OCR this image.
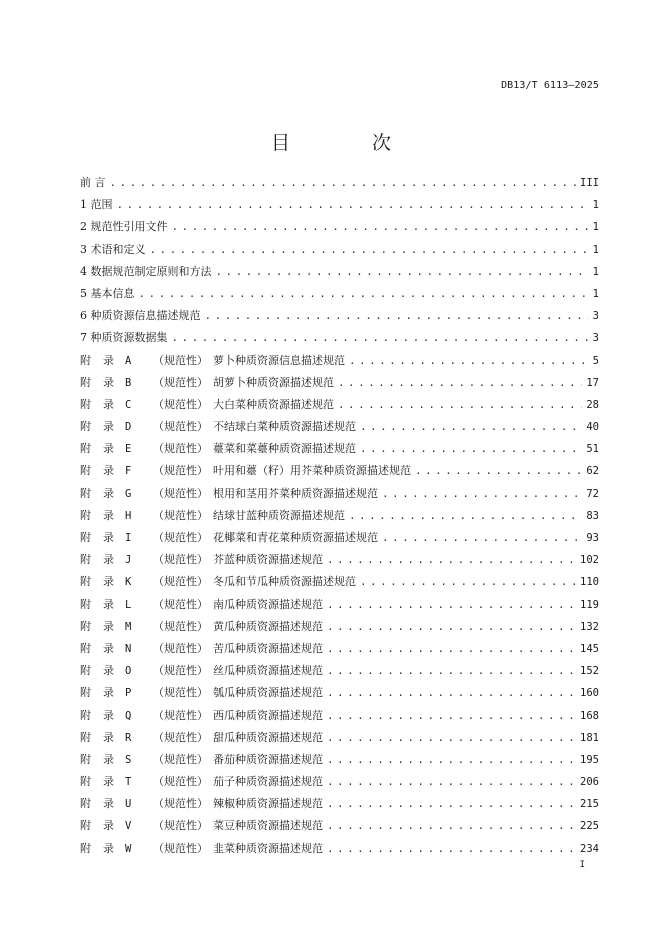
DB13/T 6113—2025
目 次
前 言 . . .	III
1 范围 . . .	1
2 规范性引用文件 . . .	1
3 术语和定义 . . .	1
4 数据规范制定原则和方法 . . .	1
5 基本信息 . . .	1
6 种质资源信息描述规范 . . .	3
7 种质资源数据集 . . .	3
附	录	A	（规范性） 萝卜种质资源信息描述规范 . . .	5
附	录	B	（规范性） 胡萝卜种质资源描述规范 . . .	17
附	录	C	（规范性） 大白菜种质资源描述规范 . . .	28
附	录	D	（规范性） 不结球白菜种质资源描述规范 . . .	40
附	录	E	（规范性） 薹菜和菜薹种质资源描述规范 . . .	51
附	录	F	（规范性） 叶用和薹（籽）用芥菜种质资源描述规范 . . .	62
附	录	G	（规范性） 根用和茎用芥菜种质资源描述规范 . . .	72
附	录	H	（规范性） 结球甘蓝种质资源描述规范 . . .	83
附	录	I	（规范性） 花椰菜和青花菜种质资源描述规范 . . .	93
附	录	J	（规范性） 芥蓝种质资源描述规范 . . .	102
附	录	K	（规范性） 冬瓜和节瓜种质资源描述规范 . . .	110
附	录	L	（规范性） 南瓜种质资源描述规范 . . .	119
附	录	M	（规范性） 黄瓜种质资源描述规范 . . .	132
附	录	N	（规范性） 苦瓜种质资源描述规范 . . .	145
附	录	O	（规范性） 丝瓜种质资源描述规范 . . .	152
附	录	P	（规范性） 瓠瓜种质资源描述规范 . . .	160
附	录	Q	（规范性） 西瓜种质资源描述规范 . . .	168
附	录	R	（规范性） 甜瓜种质资源描述规范 . . .	181
附	录	S	（规范性） 番茄种质资源描述规范 . . .	195
附	录	T	（规范性） 茄子种质资源描述规范 . . .	206
附	录	U	（规范性） 辣椒种质资源描述规范 . . .	215
附	录	V	（规范性） 菜豆种质资源描述规范 . . .	225
附	录	W	（规范性） 韭菜种质资源描述规范 . . .	234
I
